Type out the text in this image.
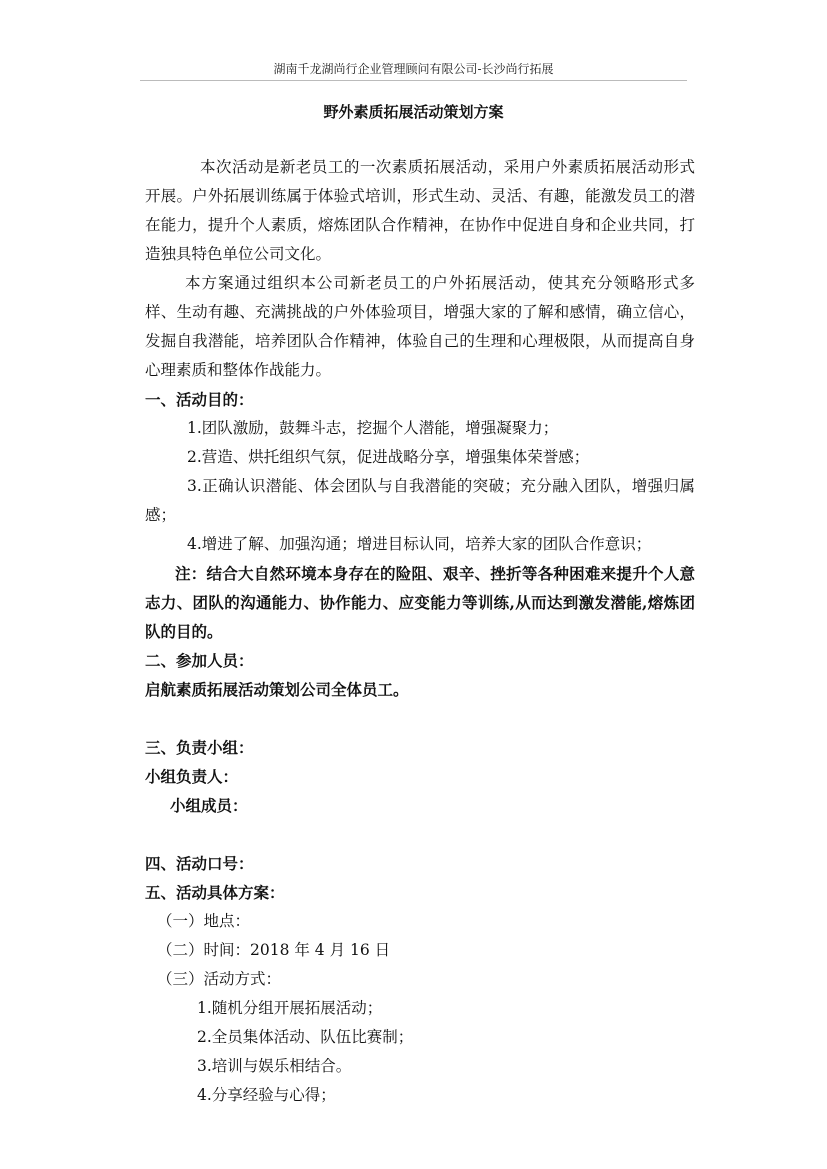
湖南千龙湖尚行企业管理顾问有限公司-长沙尚行拓展
野外素质拓展活动策划方案

本次活动是新老员工的一次素质拓展活动，采用户外素质拓展活动形式开展。户外拓展训练属于体验式培训，形式生动、灵活、有趣，能激发员工的潜在能力，提升个人素质，熔炼团队合作精神，在协作中促进自身和企业共同，打造独具特色单位公司文化。

本方案通过组织本公司新老员工的户外拓展活动，使其充分领略形式多样、生动有趣、充满挑战的户外体验项目，增强大家的了解和感情，确立信心，发掘自我潜能，培养团队合作精神，体验自己的生理和心理极限，从而提高自身心理素质和整体作战能力。

一、活动目的：

1.团队激励，鼓舞斗志，挖掘个人潜能，增强凝聚力；

2.营造、烘托组织气氛，促进战略分享，增强集体荣誉感；

3.正确认识潜能、体会团队与自我潜能的突破；充分融入团队，增强归属感；

4.增进了解、加强沟通；增进目标认同，培养大家的团队合作意识；

注：结合大自然环境本身存在的险阻、艰辛、挫折等各种困难来提升个人意志力、团队的沟通能力、协作能力、应变能力等训练,从而达到激发潜能,熔炼团队的目的。

二、参加人员：

启航素质拓展活动策划公司全体员工。

三、负责小组：

小组负责人：

小组成员：

四、活动口号：

五、活动具体方案：

（一）地点：

（二）时间：2018 年 4 月 16 日

（三）活动方式：

1.随机分组开展拓展活动；

2.全员集体活动、队伍比赛制；

3.培训与娱乐相结合。

4.分享经验与心得；
